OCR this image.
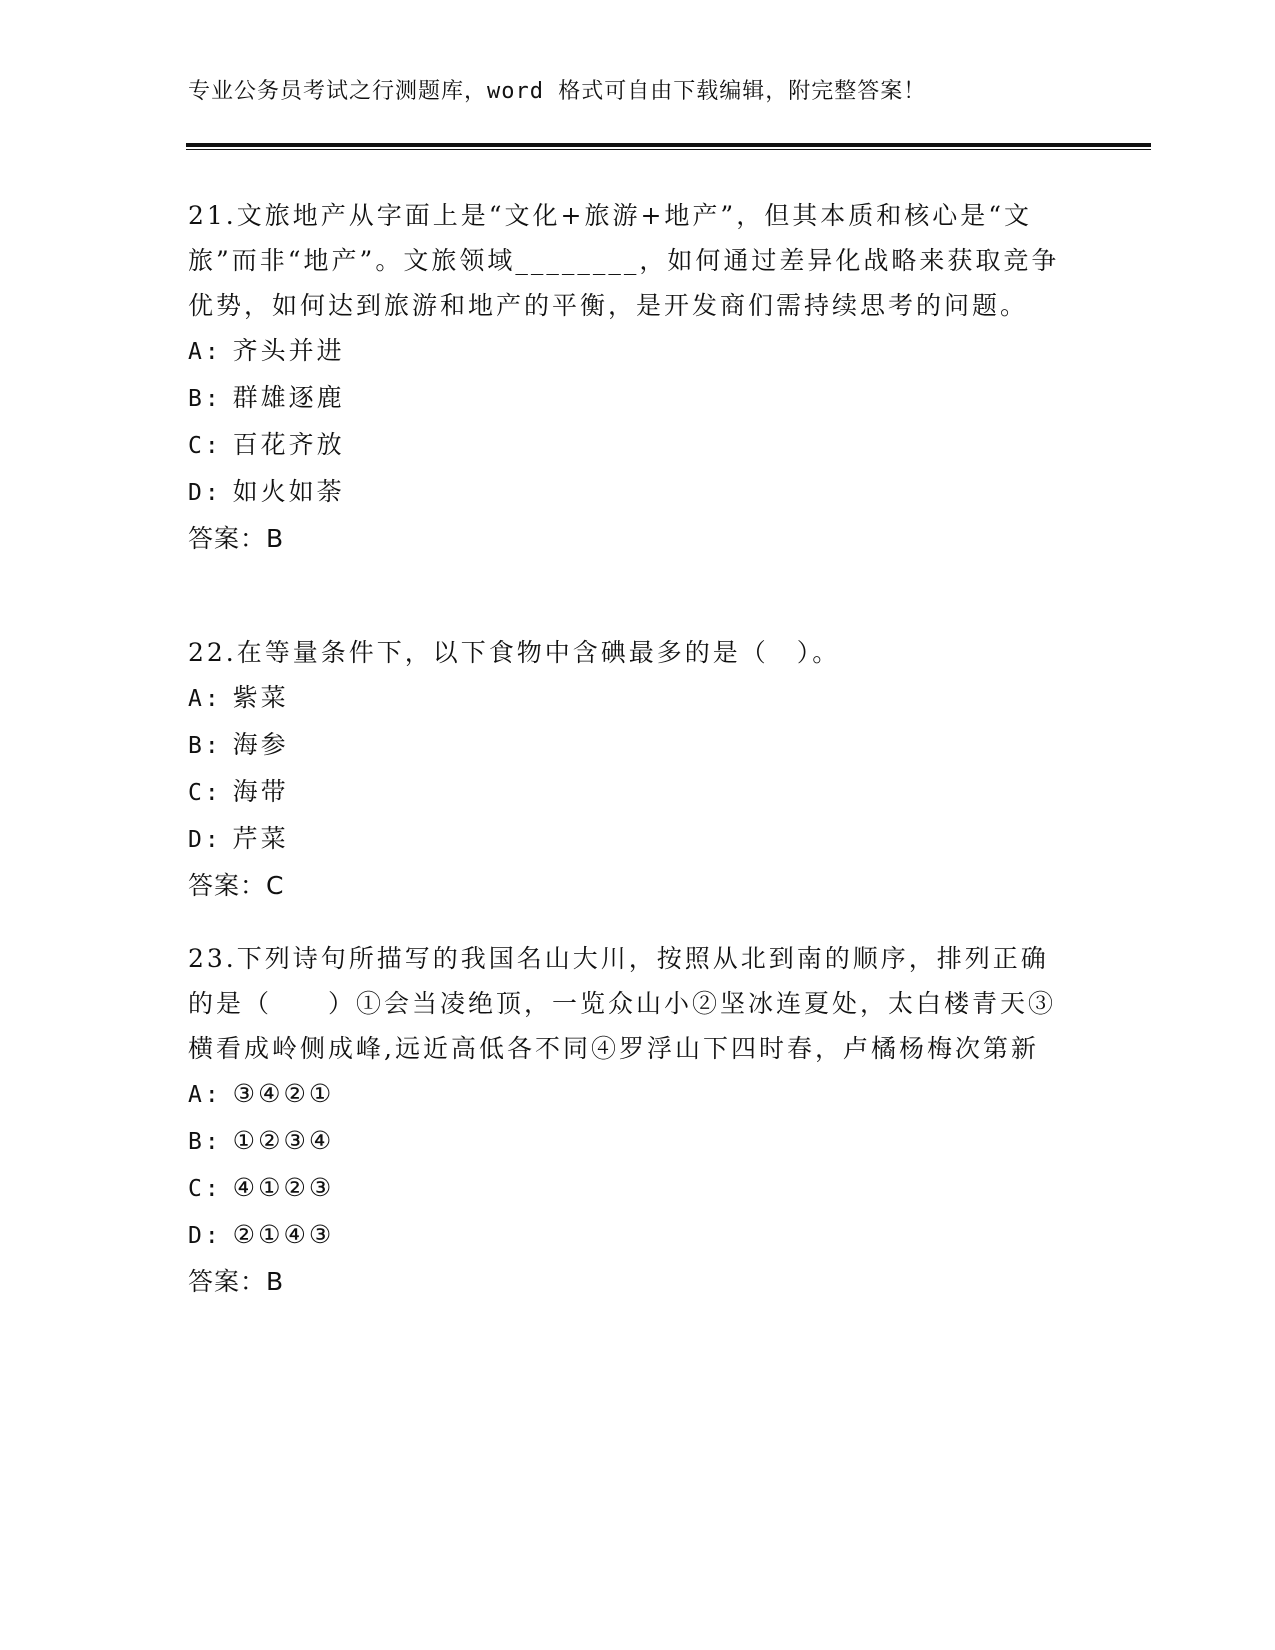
专业公务员考试之行测题库，word 格式可自由下载编辑，附完整答案！

21.文旅地产从字面上是“文化+旅游+地产”，但其本质和核心是“文旅”而非“地产”。文旅领域________，如何通过差异化战略来获取竞争优势，如何达到旅游和地产的平衡，是开发商们需持续思考的问题。

A: 齐头并进

B: 群雄逐鹿

C: 百花齐放

D: 如火如荼

答案：B

22.在等量条件下，以下食物中含碘最多的是（　）。

A: 紫菜

B: 海参

C: 海带

D: 芹菜

答案：C

23.下列诗句所描写的我国名山大川，按照从北到南的顺序，排列正确的是（　　）①会当凌绝顶，一览众山小②坚冰连夏处，太白楼青天③横看成岭侧成峰,远近高低各不同④罗浮山下四时春，卢橘杨梅次第新

A: ③④②①

B: ①②③④

C: ④①②③

D: ②①④③

答案：B
